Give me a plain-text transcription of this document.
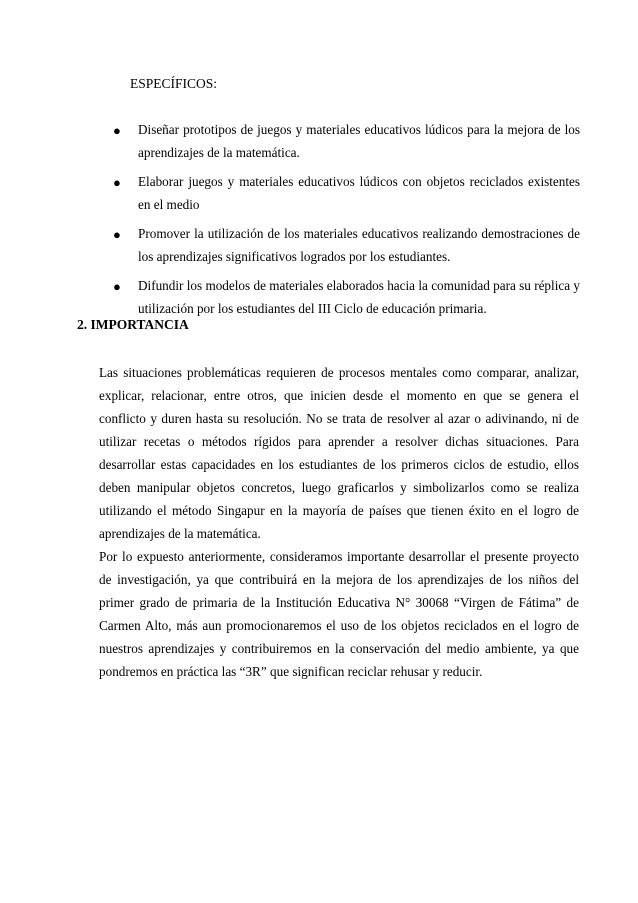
ESPECÍFICOS:
● Diseñar prototipos de juegos y materiales educativos lúdicos para la mejora de los aprendizajes de la matemática.
● Elaborar juegos y materiales educativos lúdicos con objetos reciclados existentes en el medio
● Promover la utilización de los materiales educativos realizando demostraciones de los aprendizajes significativos logrados por los estudiantes.
● Difundir los modelos de materiales elaborados hacia la comunidad para su réplica y utilización por los estudiantes del III Ciclo de educación primaria.
2. IMPORTANCIA

Las situaciones problemáticas requieren de procesos mentales como comparar, analizar, explicar, relacionar, entre otros, que inicien desde el momento en que se genera el conflicto y duren hasta su resolución. No se trata de resolver al azar o adivinando, ni de utilizar recetas o métodos rígidos para aprender a resolver dichas situaciones. Para desarrollar estas capacidades en los estudiantes de los primeros ciclos de estudio, ellos deben manipular objetos concretos, luego graficarlos y simbolizarlos como se realiza utilizando el método Singapur en la mayoría de países que tienen éxito en el logro de aprendizajes de la matemática.

Por lo expuesto anteriormente, consideramos importante desarrollar el presente proyecto de investigación, ya que contribuirá en la mejora de los aprendizajes de los niños del primer grado de primaria de la Institución Educativa N° 30068 “Virgen de Fátima” de Carmen Alto, más aun promocionaremos el uso de los objetos reciclados en el logro de nuestros aprendizajes y contribuiremos en la conservación del medio ambiente, ya que pondremos en práctica las “3R” que significan reciclar rehusar y reducir.
